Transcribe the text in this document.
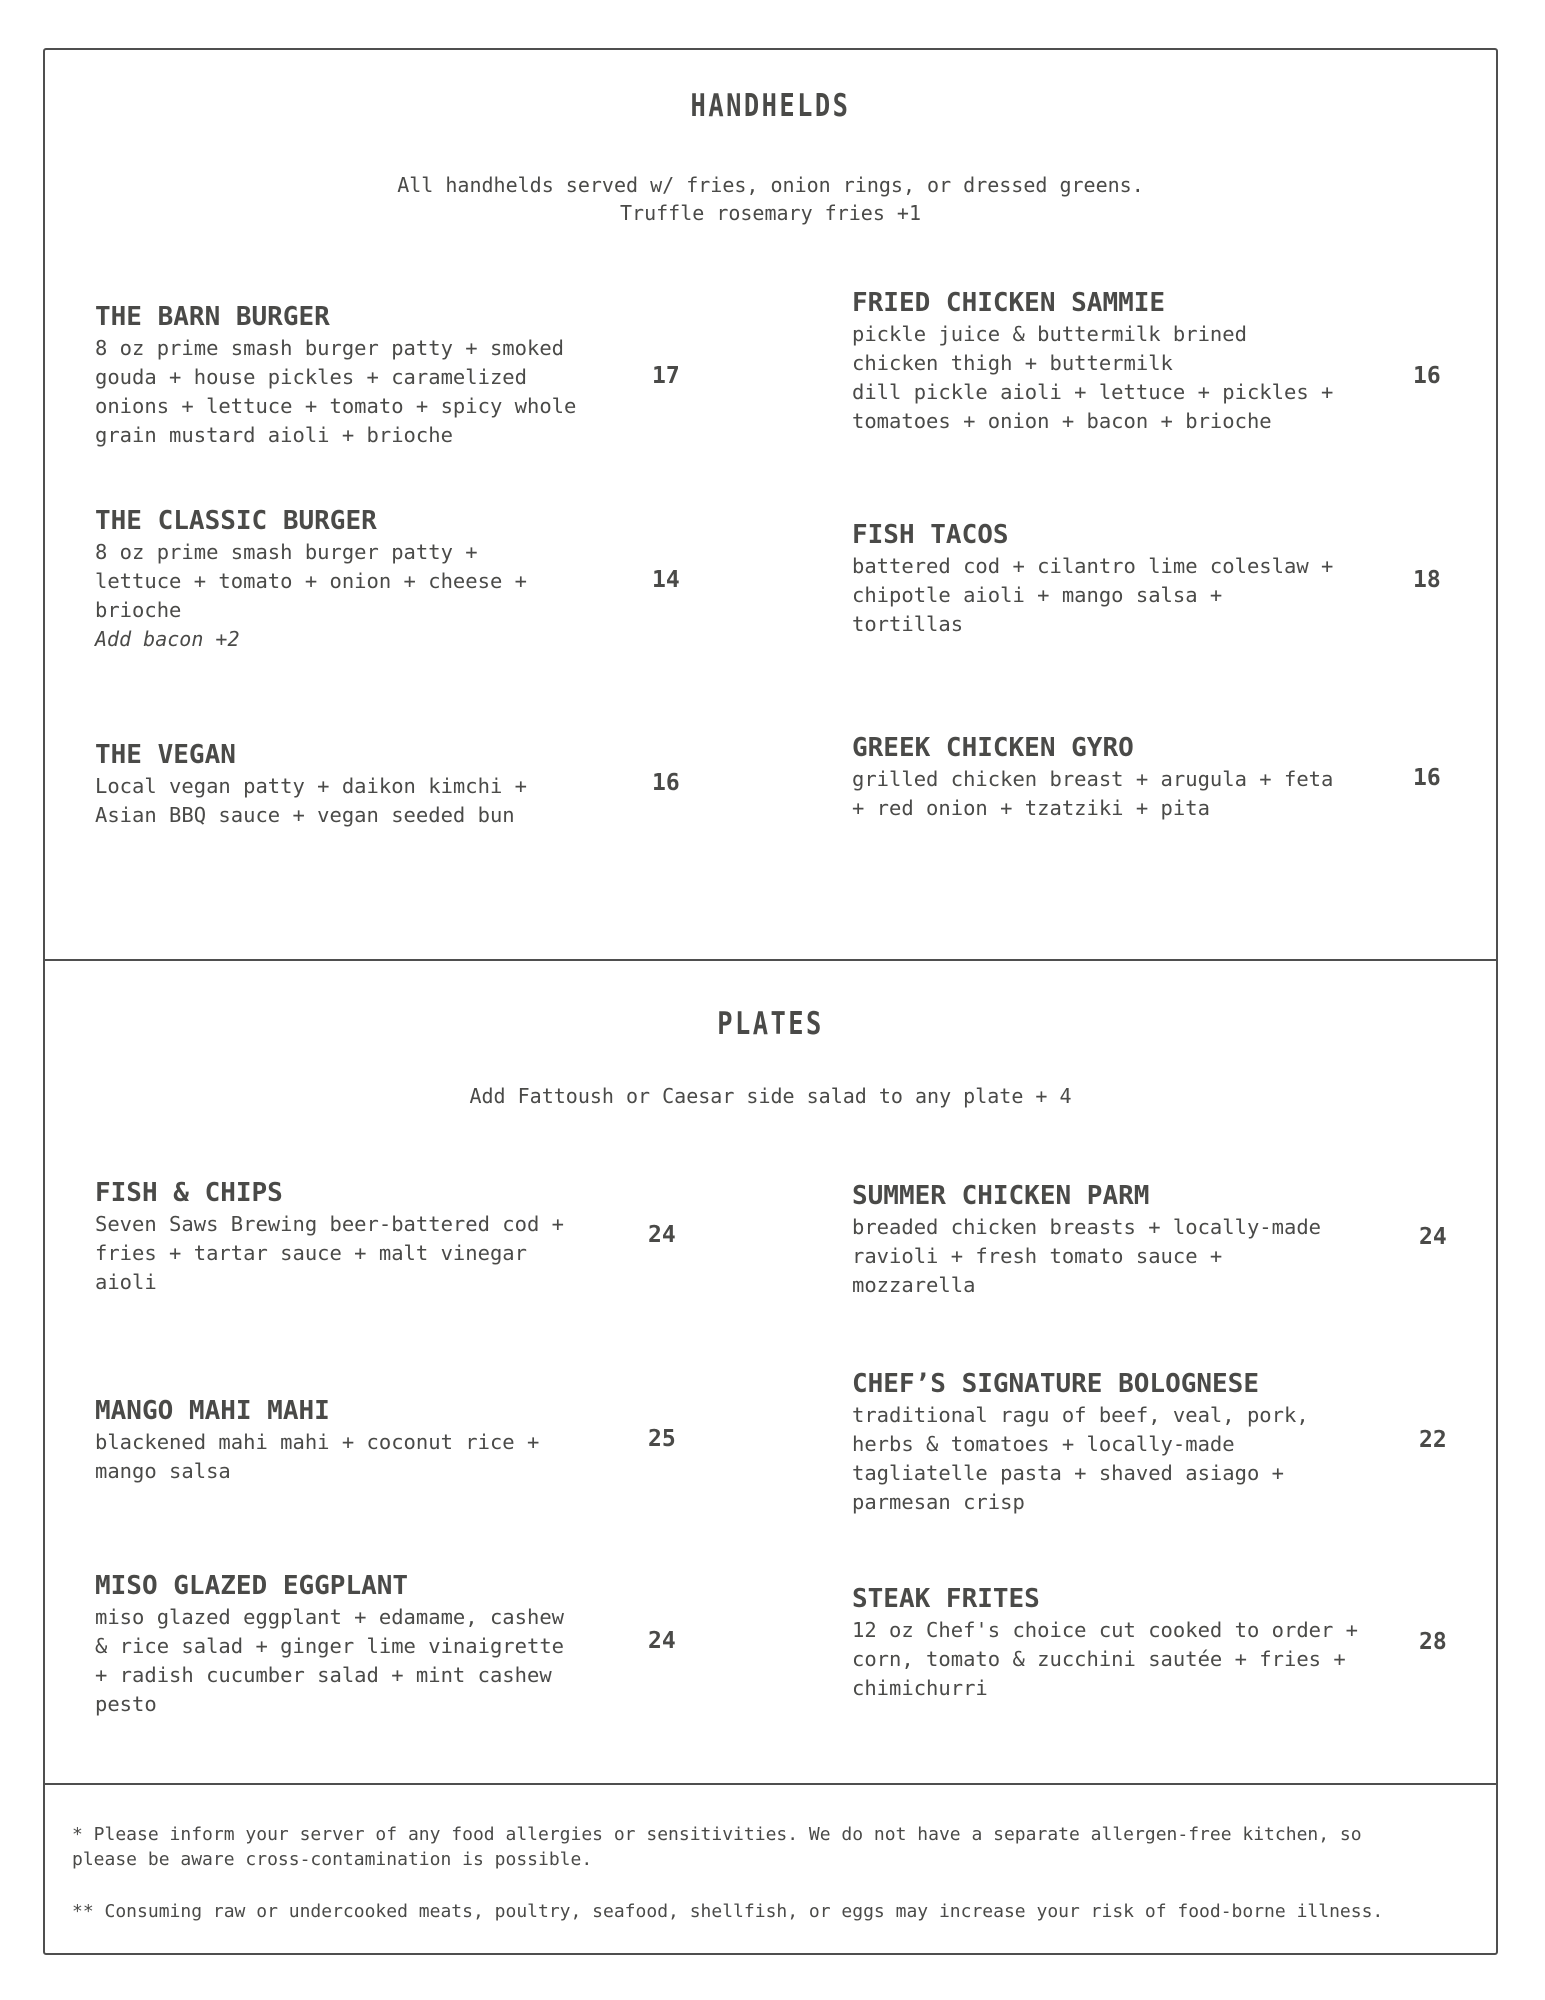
HANDHELDS
All handhelds served w/ fries, onion rings, or dressed greens.
Truffle rosemary fries +1
THE BARN BURGER
8 oz prime smash burger patty + smoked
gouda + house pickles + caramelized
onions + lettuce + tomato + spicy whole
grain mustard aioli + brioche
17
FRIED CHICKEN SAMMIE
pickle juice & buttermilk brined
chicken thigh + buttermilk
dill pickle aioli + lettuce + pickles +
tomatoes + onion + bacon + brioche
16
THE CLASSIC BURGER
8 oz prime smash burger patty +
lettuce + tomato + onion + cheese +
brioche
Add bacon +2
14
FISH TACOS
battered cod + cilantro lime coleslaw +
chipotle aioli + mango salsa +
tortillas
18
THE VEGAN
Local vegan patty + daikon kimchi +
Asian BBQ sauce + vegan seeded bun
16
GREEK CHICKEN GYRO
grilled chicken breast + arugula + feta
+ red onion + tzatziki + pita
16
PLATES
Add Fattoush or Caesar side salad to any plate + 4
FISH & CHIPS
Seven Saws Brewing beer-battered cod +
fries + tartar sauce + malt vinegar
aioli
24
SUMMER CHICKEN PARM
breaded chicken breasts + locally-made
ravioli + fresh tomato sauce +
mozzarella
24
MANGO MAHI MAHI
blackened mahi mahi + coconut rice +
mango salsa
25
CHEF’S SIGNATURE BOLOGNESE
traditional ragu of beef, veal, pork,
herbs & tomatoes + locally-made
tagliatelle pasta + shaved asiago +
parmesan crisp
22
MISO GLAZED EGGPLANT
miso glazed eggplant + edamame, cashew
& rice salad + ginger lime vinaigrette
+ radish cucumber salad + mint cashew
pesto
24
STEAK FRITES
12 oz Chef's choice cut cooked to order +
corn, tomato & zucchini sautée + fries +
chimichurri
28
* Please inform your server of any food allergies or sensitivities. We do not have a separate allergen-free kitchen, so
please be aware cross-contamination is possible.
** Consuming raw or undercooked meats, poultry, seafood, shellfish, or eggs may increase your risk of food-borne illness.
